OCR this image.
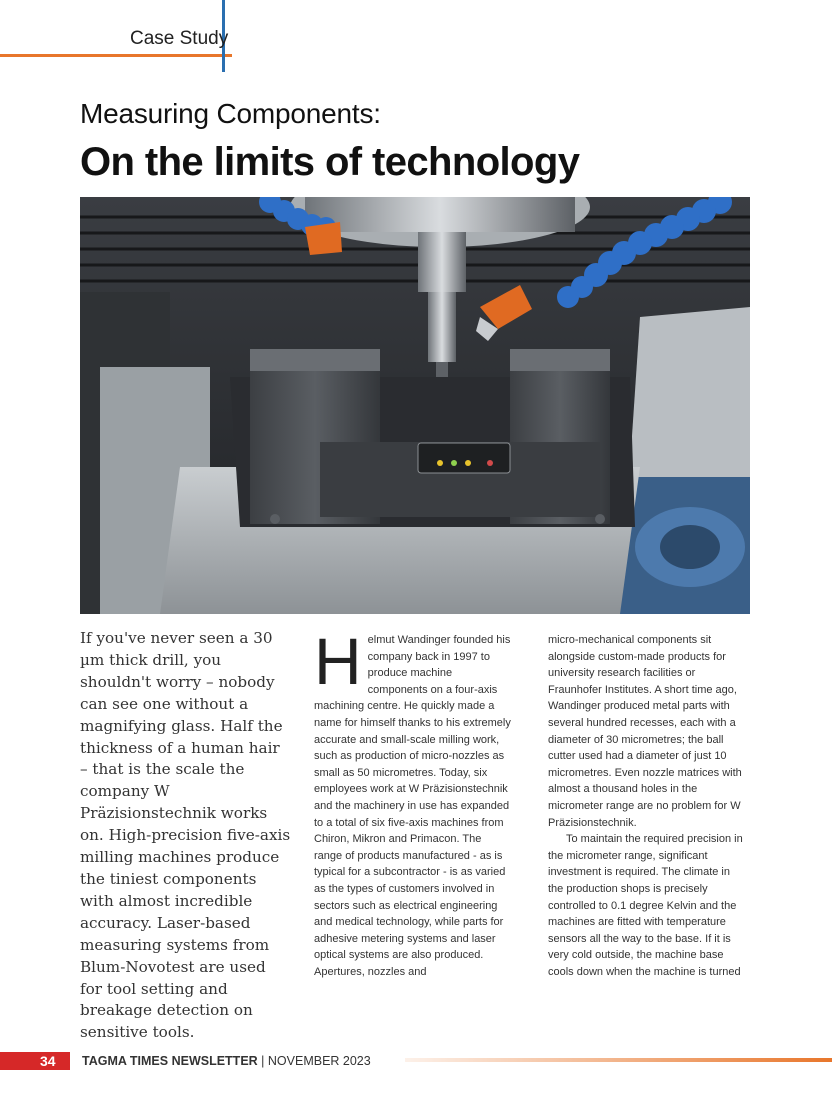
Case Study
Measuring Components:
On the limits of technology
If you've never seen a 30 µm thick drill, you shouldn't worry – nobody can see one without a magnifying glass. Half the thickness of a human hair – that is the scale the company W Präzisionstechnik works on. High-precision five-axis milling machines produce the tiniest components with almost incredible accuracy. Laser-based measuring systems from Blum-Novotest are used for tool setting and breakage detection on sensitive tools.
H elmut Wandinger founded his company back in 1997 to produce machine components on a four-axis machining centre. He quickly made a name for himself thanks to his extremely accurate and small-scale milling work, such as production of micro-nozzles as small as 50 micrometres. Today, six employees work at W Präzisionstechnik and the machinery in use has expanded to a total of six five-axis machines from Chiron, Mikron and Primacon. The range of products manufactured - as is typical for a subcontractor - is as varied as the types of customers involved in sectors such as electrical engineering and medical technology, while parts for adhesive metering systems and laser optical systems are also produced. Apertures, nozzles and

micro-mechanical components sit alongside custom-made products for university research facilities or Fraunhofer Institutes. A short time ago, Wandinger produced metal parts with several hundred recesses, each with a diameter of 30 micrometres; the ball cutter used had a diameter of just 10 micrometres. Even nozzle matrices with almost a thousand holes in the micrometer range are no problem for W Präzisionstechnik.

To maintain the required precision in the micrometer range, significant investment is required. The climate in the production shops is precisely controlled to 0.1 degree Kelvin and the machines are fitted with temperature sensors all the way to the base. If it is very cold outside, the machine base cools down when the machine is turned

34 TAGMA TIMES NEWSLETTER | NOVEMBER 2023
